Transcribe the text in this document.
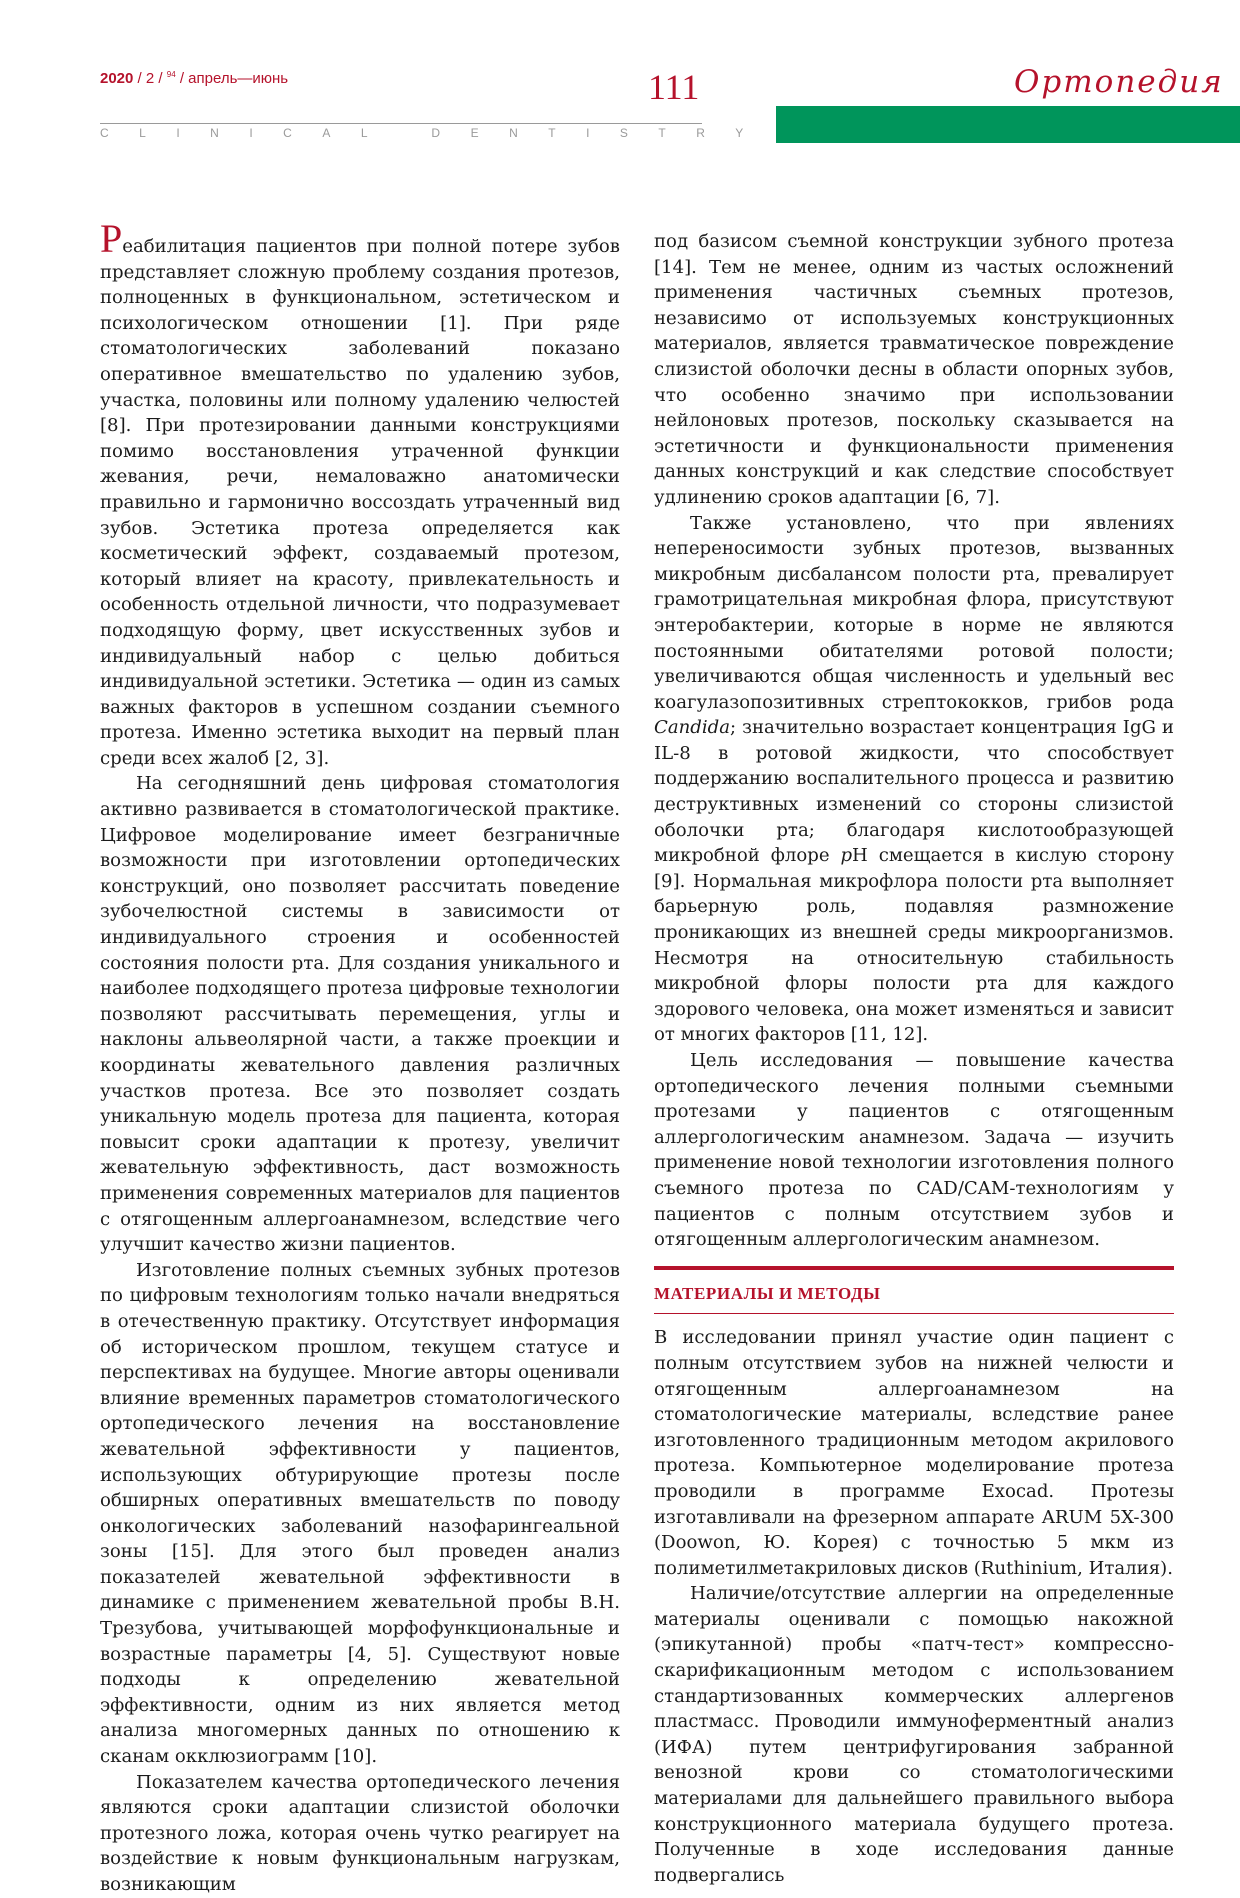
2020 / 2 / $^{94}$ / апрель—июнь	111	Ортопедия
CLINICAL DENTISTRY

Реабилитация пациентов при полной потере зубов представляет сложную проблему создания протезов, полноценных в функциональном, эстетическом и психологическом отношении [1]. При ряде стоматологических заболеваний показано оперативное вмешательство по удалению зубов, участка, половины или полному удалению челюстей [8]. При протезировании данными конструкциями помимо восстановления утраченной функции жевания, речи, немаловажно анатомически правильно и гармонично воссоздать утраченный вид зубов. Эстетика протеза определяется как косметический эффект, создаваемый протезом, который влияет на красоту, привлекательность и особенность отдельной личности, что подразумевает подходящую форму, цвет искусственных зубов и индивидуальный набор с целью добиться индивидуальной эстетики. Эстетика — один из самых важных факторов в успешном создании съемного протеза. Именно эстетика выходит на первый план среди всех жалоб [2, 3].

На сегодняшний день цифровая стоматология активно развивается в стоматологической практике. Цифровое моделирование имеет безграничные возможности при изготовлении ортопедических конструкций, оно позволяет рассчитать поведение зубочелюстной системы в зависимости от индивидуального строения и особенностей состояния полости рта. Для создания уникального и наиболее подходящего протеза цифровые технологии позволяют рассчитывать перемещения, углы и наклоны альвеолярной части, а также проекции и координаты жевательного давления различных участков протеза. Все это позволяет создать уникальную модель протеза для пациента, которая повысит сроки адаптации к протезу, увеличит жевательную эффективность, даст возможность применения современных материалов для пациентов с отягощенным аллергоанамнезом, вследствие чего улучшит качество жизни пациентов.

Изготовление полных съемных зубных протезов по цифровым технологиям только начали внедряться в отечественную практику. Отсутствует информация об историческом прошлом, текущем статусе и перспективах на будущее. Многие авторы оценивали влияние временных параметров стоматологического ортопедического лечения на восстановление жевательной эффективности у пациентов, использующих обтурирующие протезы после обширных оперативных вмешательств по поводу онкологических заболеваний назофарингеальной зоны [15]. Для этого был проведен анализ показателей жевательной эффективности в динамике с применением жевательной пробы В.Н. Трезубова, учитывающей морфофункциональные и возрастные параметры [4, 5]. Существуют новые подходы к определению жевательной эффективности, одним из них является метод анализа многомерных данных по отношению к сканам окклюзиограмм [10].

Показателем качества ортопедического лечения являются сроки адаптации слизистой оболочки протезного ложа, которая очень чутко реагирует на воздействие к новым функциональным нагрузкам, возникающим

под базисом съемной конструкции зубного протеза [14]. Тем не менее, одним из частых осложнений применения частичных съемных протезов, независимо от используемых конструкционных материалов, является травматическое повреждение слизистой оболочки десны в области опорных зубов, что особенно значимо при использовании нейлоновых протезов, поскольку сказывается на эстетичности и функциональности применения данных конструкций и как следствие способствует удлинению сроков адаптации [6, 7].

Также установлено, что при явлениях непереносимости зубных протезов, вызванных микробным дисбалансом полости рта, превалирует грамотрицательная микробная флора, присутствуют энтеробактерии, которые в норме не являются постоянными обитателями ротовой полости; увеличиваются общая численность и удельный вес коагулазопозитивных стрептококков, грибов рода Candida; значительно возрастает концентрация IgG и IL-8 в ротовой жидкости, что способствует поддержанию воспалительного процесса и развитию деструктивных изменений со стороны слизистой оболочки рта; благодаря кислотообразующей микробной флоре pH смещается в кислую сторону [9]. Нормальная микрофлора полости рта выполняет барьерную роль, подавляя размножение проникающих из внешней среды микроорганизмов. Несмотря на относительную стабильность микробной флоры полости рта для каждого здорового человека, она может изменяться и зависит от многих факторов [11, 12].

Цель исследования — повышение качества ортопедического лечения полными съемными протезами у пациентов с отягощенным аллергологическим анамнезом. Задача — изучить применение новой технологии изготовления полного съемного протеза по CAD/CAM-технологиям у пациентов с полным отсутствием зубов и отягощенным аллергологическим анамнезом.

МАТЕРИАЛЫ И МЕТОДЫ

В исследовании принял участие один пациент с полным отсутствием зубов на нижней челюсти и отягощенным аллергоанамнезом на стоматологические материалы, вследствие ранее изготовленного традиционным методом акрилового протеза. Компьютерное моделирование протеза проводили в программе Exocad. Протезы изготавливали на фрезерном аппарате ARUM 5X-300 (Doowon, Ю. Корея) с точностью 5 мкм из полиметилметакриловых дисков (Ruthinium, Италия).

Наличие/отсутствие аллергии на определенные материалы оценивали с помощью накожной (эпикутанной) пробы «патч-тест» компрессно-скарификационным методом с использованием стандартизованных коммерческих аллергенов пластмасс. Проводили иммуноферментный анализ (ИФА) путем центрифугирования забранной венозной крови со стоматологическими материалами для дальнейшего правильного выбора конструкционного материала будущего протеза. Полученные в ходе исследования данные подвергались
